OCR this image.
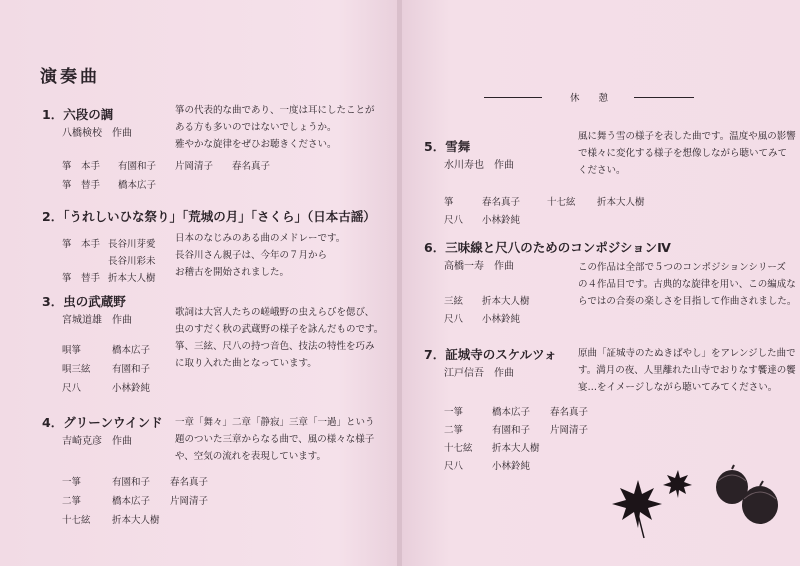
演奏曲
1．六段の調
八橋検校　作曲
箏の代表的な曲であり、一度は耳にしたことが
ある方も多いのではないでしょうか。
雅やかな旋律をぜひお聴きください。
箏　本手 有園和子 片岡清子 春名真子
箏　替手 橋本広子
2．「うれしいひな祭り」「荒城の月」「さくら」（日本古謡）
日本のなじみのある曲のメドレーです。
長谷川さん親子は、今年の７月から
お稽古を開始されました。
箏　本手 長谷川芽愛
長谷川彩未
箏　替手 折本大人樹
3．虫の武蔵野
宮城道雄　作曲
歌詞は大宮人たちの嵯峨野の虫えらびを偲び、
虫のすだく秋の武蔵野の様子を詠んだものです。
箏、三絃、尺八の持つ音色、技法の特性を巧み
に取り入れた曲となっています。
唄箏	橋本広子
唄三絃 有園和子
尺八	小林鈴純
4．グリーンウインド
吉崎克彦　作曲
一章「舞々」二章「静寂」三章「一過」という
題のついた三章からなる曲で、風の様々な様子
や、空気の流れを表現しています。
一箏	有園和子 春名真子
二箏	橋本広子 片岡清子
十七絃 折本大人樹
休　　憩
5．雪舞
水川寿也　作曲
風に舞う雪の様子を表した曲です。温度や風の影響
で様々に変化する様子を想像しながら聴いてみて
ください。
箏	春名真子	十七絃 折本大人樹
尺八 小林鈴純
6．三味線と尺八のためのコンポジションⅣ
高橋一寿　作曲	この作品は全部で５つのコンポジションシリーズ
の４作品目です。古典的な旋律を用い、この編成な
らではの合奏の楽しさを目指して作曲されました。
三絃 折本大人樹
尺八 小林鈴純
7．証城寺のスケルツォ
江戸信吾　作曲
原曲「証城寺のたぬきばやし」をアレンジした曲で
す。満月の夜、人里離れた山寺でおりなす饗達の饗
宴…をイメージしながら聴いてみてください。
一箏	橋本広子 春名真子
二箏	有園和子 片岡清子
十七絃 折本大人樹
尺八	小林鈴純
